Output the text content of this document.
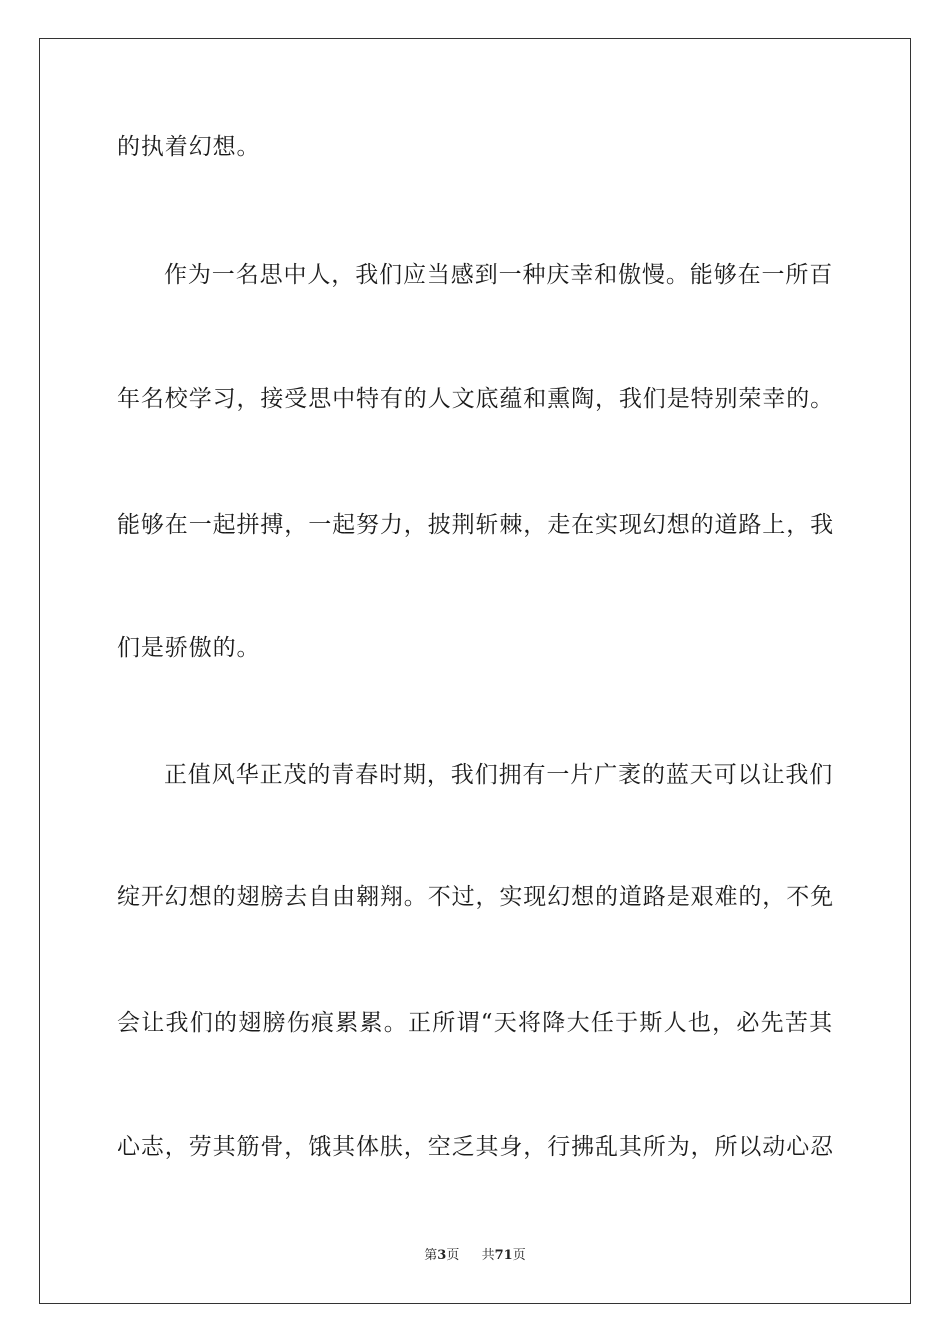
的执着幻想。
作为一名思中人，我们应当感到一种庆幸和傲慢。能够在一所百
年名校学习，接受思中特有的人文底蕴和熏陶，我们是特别荣幸的。
能够在一起拼搏，一起努力，披荆斩棘，走在实现幻想的道路上，我
们是骄傲的。
正值风华正茂的青春时期，我们拥有一片广袤的蓝天可以让我们
绽开幻想的翅膀去自由翱翔。不过，实现幻想的道路是艰难的，不免
会让我们的翅膀伤痕累累。正所谓“天将降大任于斯人也，必先苦其
心志，劳其筋骨，饿其体肤，空乏其身，行拂乱其所为，所以动心忍
第3页 共71页
